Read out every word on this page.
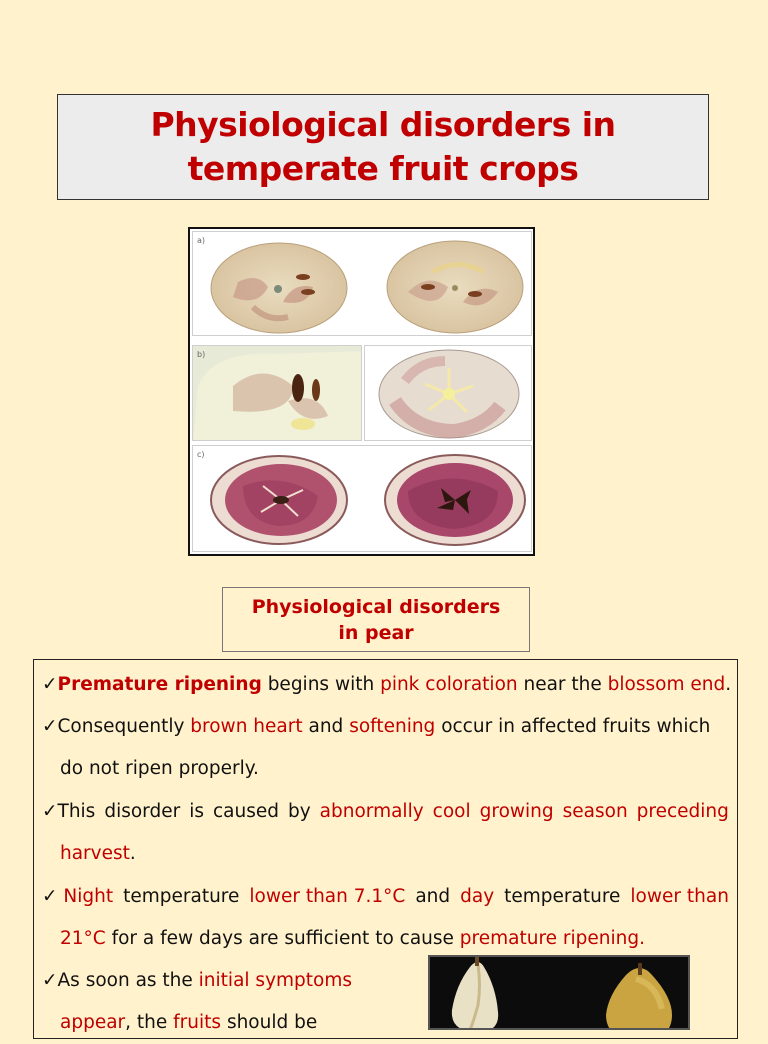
Physiological disorders in
temperate fruit crops
a)
b)
c)
Physiological disorders
in pear
✓Premature ripening begins with pink coloration near the blossom end.
✓Consequently brown heart and softening occur in affected fruits which
do not ripen properly.
✓This disorder is caused by abnormally cool growing season preceding
harvest.
✓ Night temperature lower than 7.1°C and day temperature lower than
21°C for a few days are sufficient to cause premature ripening.
✓As soon as the initial symptoms
appear, the fruits should be
